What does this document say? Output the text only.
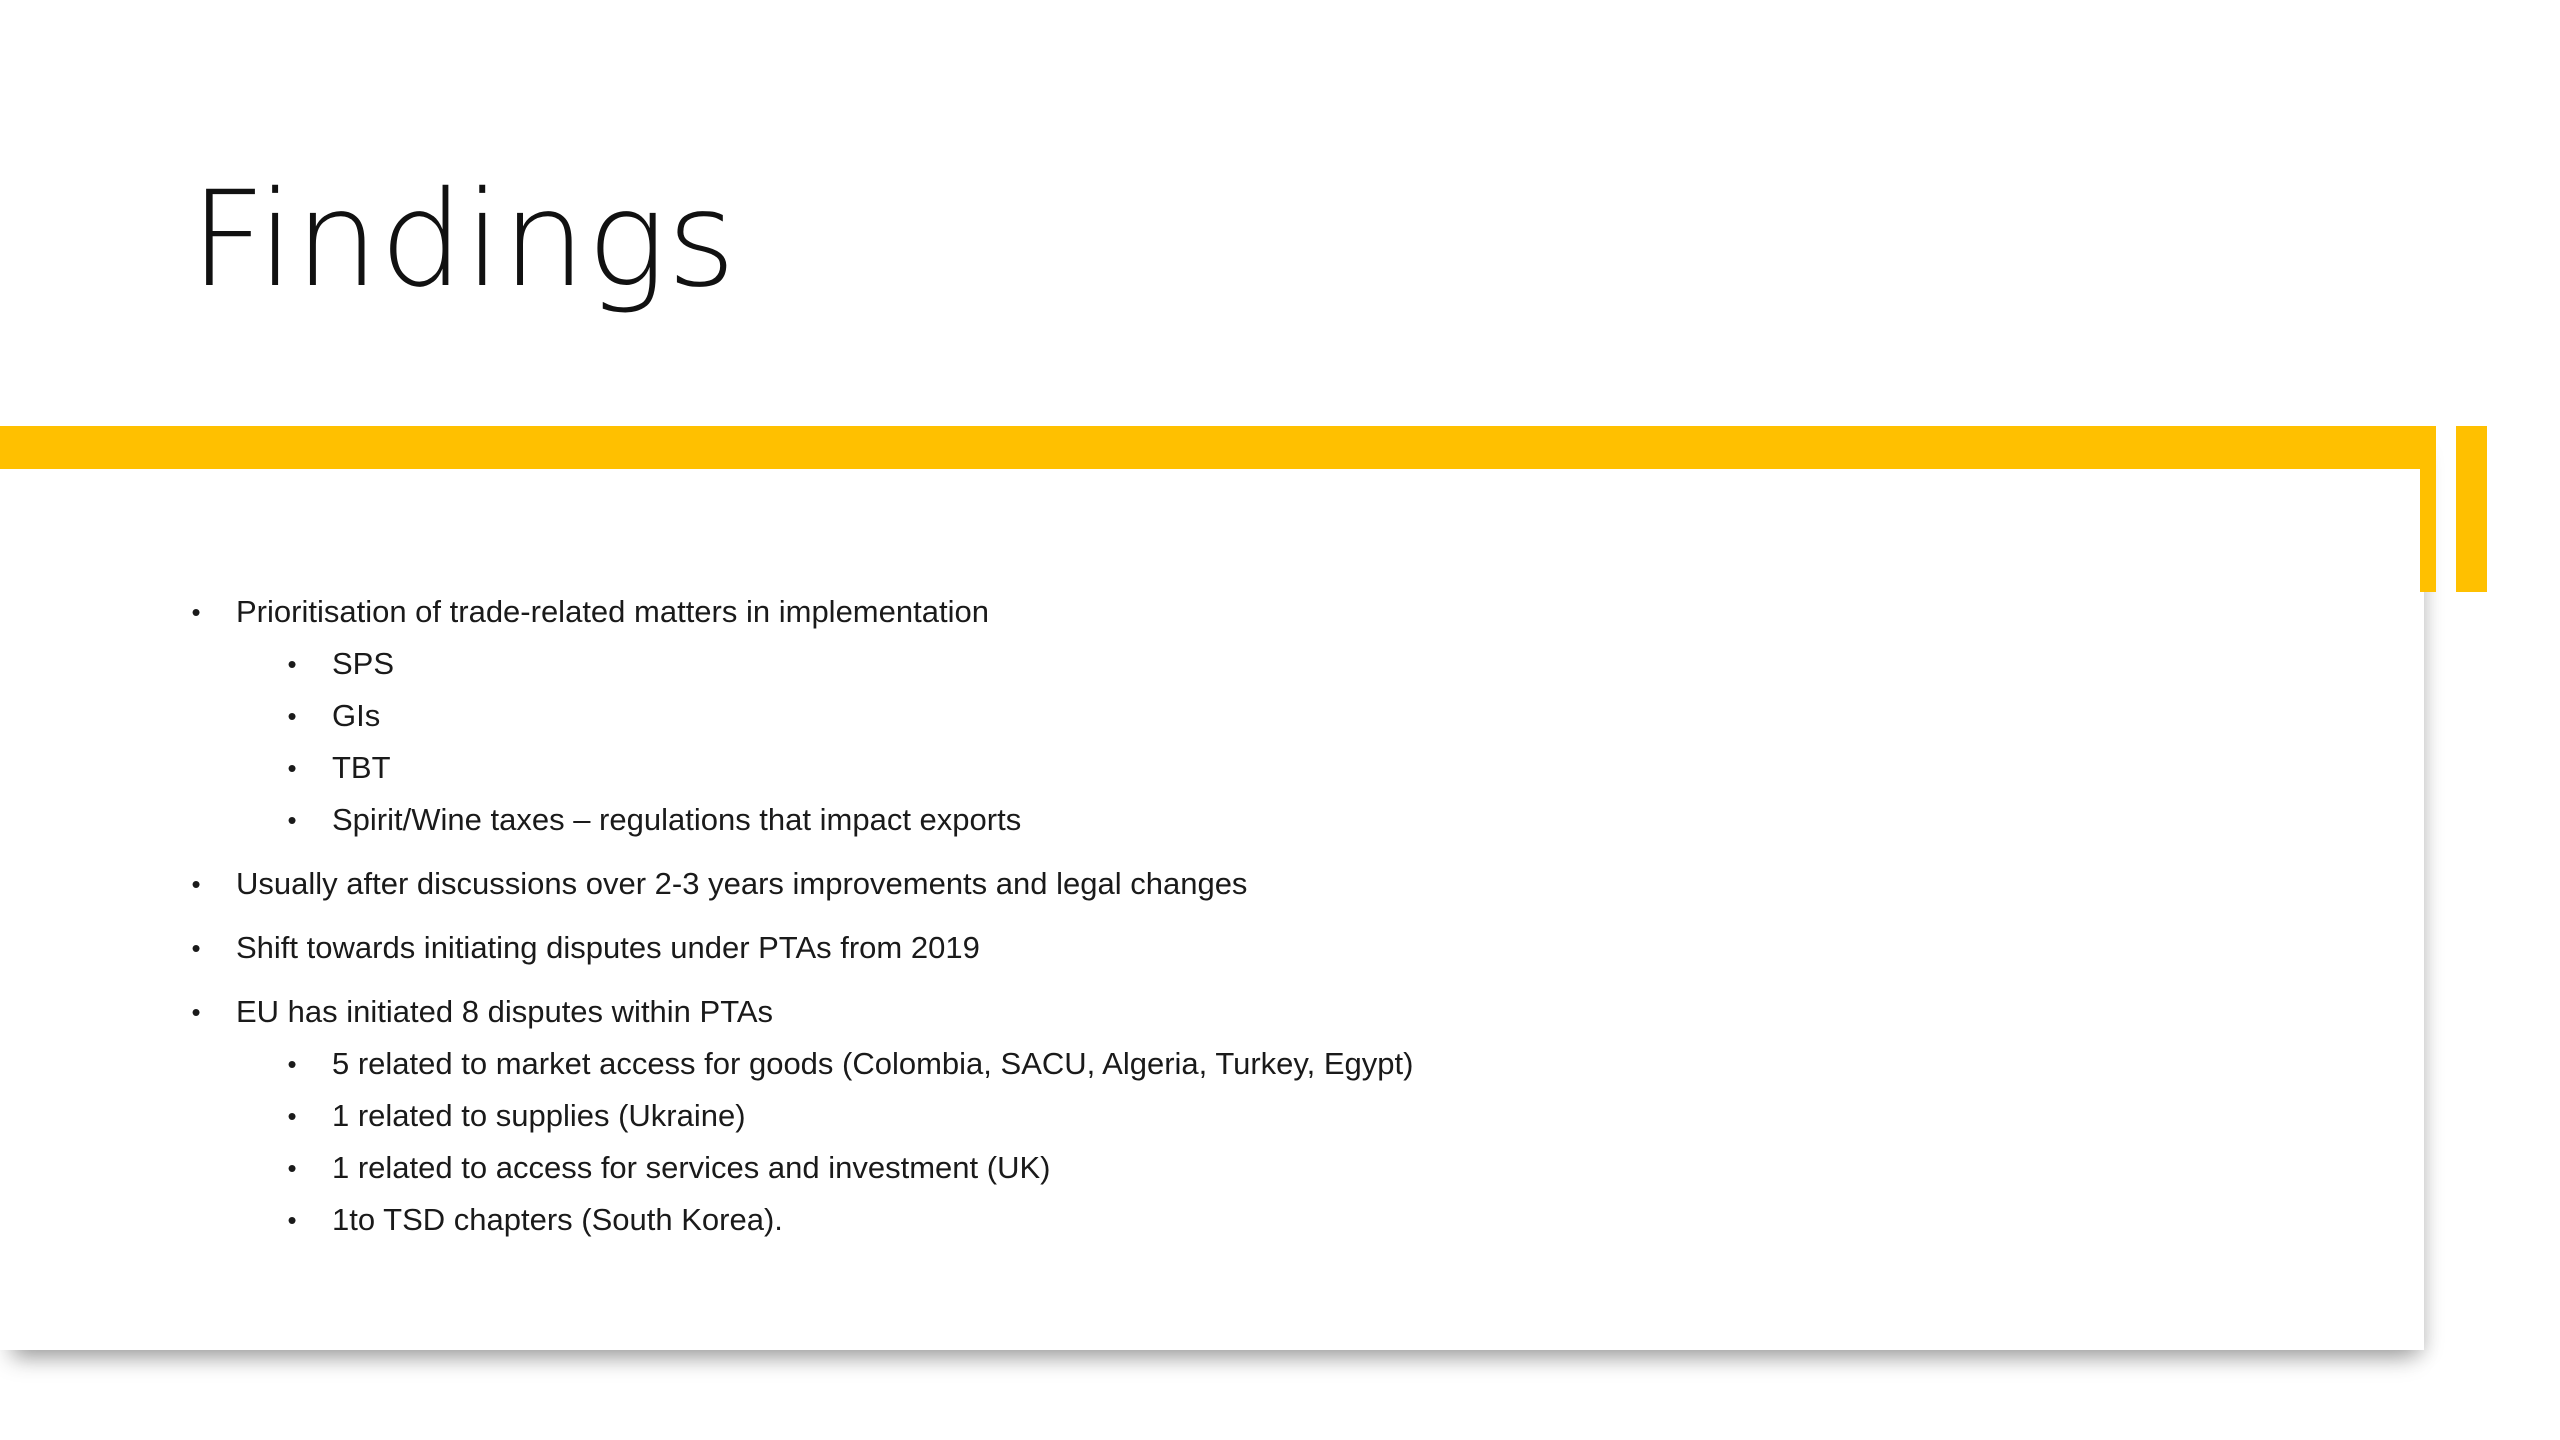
Findings
• Prioritisation of trade-related matters in implementation
• SPS
• GIs
• TBT
• Spirit/Wine taxes – regulations that impact exports
• Usually after discussions over 2-3 years improvements and legal changes
• Shift towards initiating disputes under PTAs from 2019
• EU has initiated 8 disputes within PTAs
• 5 related to market access for goods (Colombia, SACU, Algeria, Turkey, Egypt)
• 1 related to supplies (Ukraine)
• 1 related to access for services and investment (UK)
• 1to TSD chapters (South Korea).
